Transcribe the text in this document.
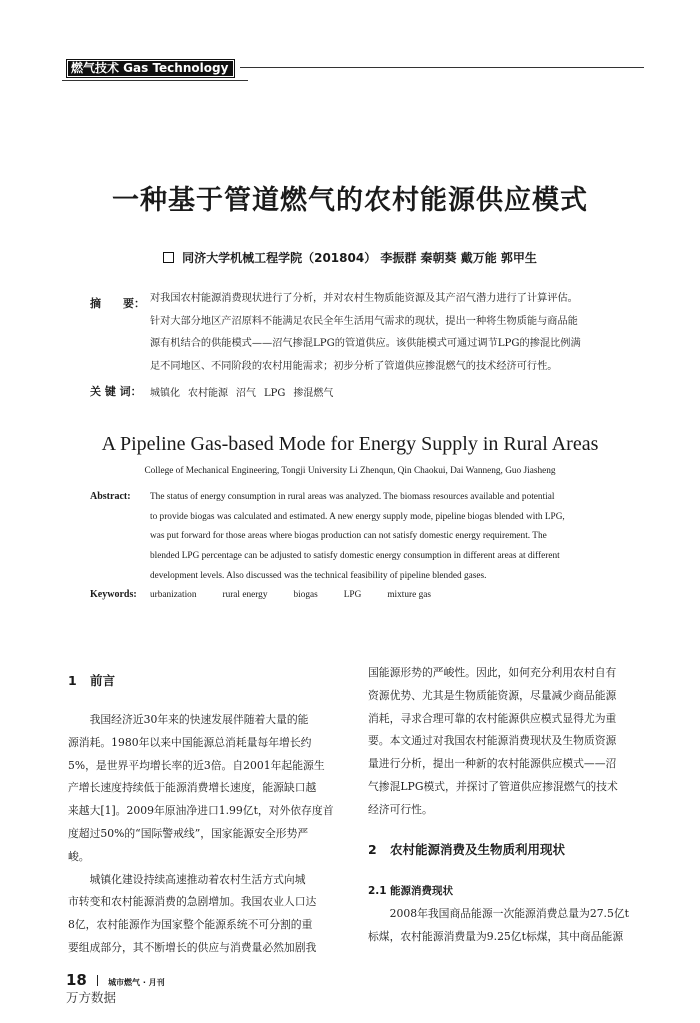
燃气技术 Gas Technology
一种基于管道燃气的农村能源供应模式
同济大学机械工程学院（201804） 李振群 秦朝葵 戴万能 郭甲生
摘　　要： 对我国农村能源消费现状进行了分析，并对农村生物质能资源及其产沼气潜力进行了计算评估。
针对大部分地区产沼原料不能满足农民全年生活用气需求的现状，提出一种将生物质能与商品能
源有机结合的供能模式——沼气掺混LPG的管道供应。该供能模式可通过调节LPG的掺混比例满
足不同地区、不同阶段的农村用能需求；初步分析了管道供应掺混燃气的技术经济可行性。
关 键 词： 城镇化 农村能源 沼气 LPG 掺混燃气
A Pipeline Gas-based Mode for Energy Supply in Rural Areas
College of Mechanical Engineering, Tongji University Li Zhenqun, Qin Chaokui, Dai Wanneng, Guo Jiasheng
Abstract: The status of energy consumption in rural areas was analyzed. The biomass resources available and potential
to provide biogas was calculated and estimated. A new energy supply mode, pipeline biogas blended with LPG,
was put forward for those areas where biogas production can not satisfy domestic energy requirement. The
blended LPG percentage can be adjusted to satisfy domestic energy consumption in different areas at different
development levels. Also discussed was the technical feasibility of pipeline blended gases.
Keywords: urbanization	rural energy	biogas	LPG	mixture gas
1 前言
　　我国经济近30年来的快速发展伴随着大量的能
源消耗。1980年以来中国能源总消耗量每年增长约
5%，是世界平均增长率的近3倍。自2001年起能源生
产增长速度持续低于能源消费增长速度，能源缺口越
来越大[1]。2009年原油净进口1.99亿t，对外依存度首
度超过50%的“国际警戒线”，国家能源安全形势严
峻。
　　城镇化建设持续高速推动着农村生活方式向城
市转变和农村能源消费的急剧增加。我国农业人口达
8亿，农村能源作为国家整个能源系统不可分割的重
要组成部分，其不断增长的供应与消费量必然加剧我
国能源形势的严峻性。因此，如何充分利用农村自有
资源优势、尤其是生物质能资源，尽量减少商品能源
消耗，寻求合理可靠的农村能源供应模式显得尤为重
要。本文通过对我国农村能源消费现状及生物质资源
量进行分析，提出一种新的农村能源供应模式——沼
气掺混LPG模式，并探讨了管道供应掺混燃气的技术
经济可行性。
2 农村能源消费及生物质利用现状
2.1 能源消费现状
　　2008年我国商品能源一次能源消费总量为27.5亿t
标煤，农村能源消费量为9.25亿t标煤，其中商品能源
18	城市燃气 · 月刊
万方数据
